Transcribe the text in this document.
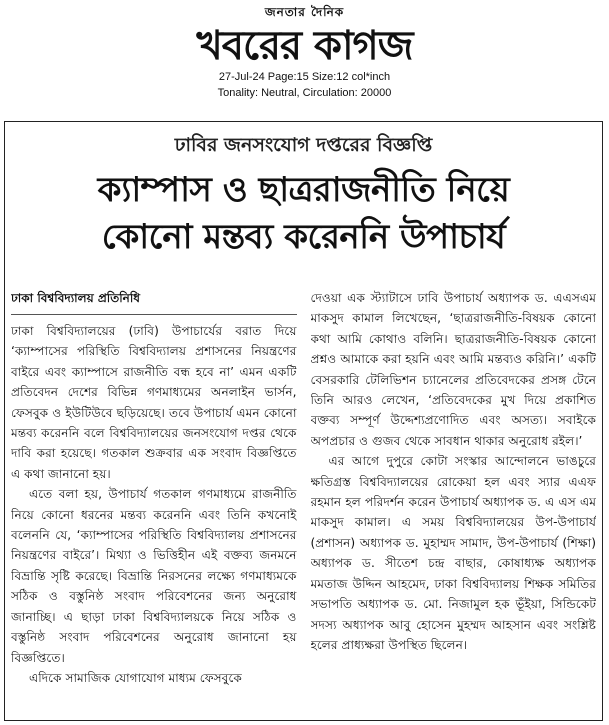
জনতার দৈনিক
খবরের কাগজ
27-Jul-24 Page:15 Size:12 col*inch
Tonality: Neutral, Circulation: 20000
ঢাবির জনসংযোগ দপ্তরের বিজ্ঞপ্তি
ক্যাম্পাস ও ছাত্ররাজনীতি নিয়ে
কোনো মন্তব্য করেননি উপাচার্য
ঢাকা বিশ্ববিদ্যালয় প্রতিনিধি

ঢাকা বিশ্ববিদ্যালয়ের (ঢাবি) উপাচার্যের বরাত দিয়ে ‘ক্যাম্পাসের পরিস্থিতি বিশ্ববিদ্যালয় প্রশাসনের নিয়ন্ত্রণের বাইরে এবং ক্যাম্পাসে রাজনীতি বন্ধ হবে না’ এমন একটি প্রতিবেদন দেশের বিভিন্ন গণমাধ্যমের অনলাইন ভার্সন, ফেসবুক ও ইউটিউবে ছড়িয়েছে। তবে উপাচার্য এমন কোনো মন্তব্য করেননি বলে বিশ্ববিদ্যালয়ের জনসংযোগ দপ্তর থেকে দাবি করা হয়েছে। গতকাল শুক্রবার এক সংবাদ বিজ্ঞপ্তিতে এ কথা জানানো হয়।

এতে বলা হয়, উপাচার্য গতকাল গণমাধ্যমে রাজনীতি নিয়ে কোনো ধরনের মন্তব্য করেননি এবং তিনি কখনোই বলেননি যে, ‘ক্যাম্পাসের পরিস্থিতি বিশ্ববিদ্যালয় প্রশাসনের নিয়ন্ত্রণের বাইরে’। মিথ্যা ও ভিত্তিহীন এই বক্তব্য জনমনে বিভ্রান্তি সৃষ্টি করেছে। বিভ্রান্তি নিরসনের লক্ষ্যে গণমাধ্যমকে সঠিক ও বস্তুনিষ্ঠ সংবাদ পরিবেশনের জন্য অনুরোধ জানাচ্ছি। এ ছাড়া ঢাকা বিশ্ববিদ্যালয়কে নিয়ে সঠিক ও বস্তুনিষ্ঠ সংবাদ পরিবেশনের অনুরোধ জানানো হয় বিজ্ঞপ্তিতে।

এদিকে সামাজিক যোগাযোগ মাধ্যম ফেসবুকে

দেওয়া এক স্ট্যাটাসে ঢাবি উপাচার্য অধ্যাপক ড. এএসএম মাকসুদ কামাল লিখেছেন, ‘ছাত্ররাজনীতি-বিষয়ক কোনো কথা আমি কোথাও বলিনি। ছাত্ররাজনীতি-বিষয়ক কোনো প্রশ্নও আমাকে করা হয়নি এবং আমি মন্তব্যও করিনি।’ একটি বেসরকারি টেলিভিশন চ্যানেলের প্রতিবেদকের প্রসঙ্গ টেনে তিনি আরও লেখেন, ‘প্রতিবেদকের মুখ দিয়ে প্রকাশিত বক্তব্য সম্পূর্ণ উদ্দেশ্যপ্রণোদিত এবং অসত্য। সবাইকে অপপ্রচার ও গুজব থেকে সাবধান থাকার অনুরোধ রইল।’

এর আগে দুপুরে কোটা সংস্কার আন্দোলনে ভাঙচুরে ক্ষতিগ্রস্ত বিশ্ববিদ্যালয়ের রোকেয়া হল এবং স্যার এএফ রহমান হল পরিদর্শন করেন উপাচার্য অধ্যাপক ড. এ এস এম মাকসুদ কামাল। এ সময় বিশ্ববিদ্যালয়ের উপ-উপাচার্য (প্রশাসন) অধ্যাপক ড. মুহাম্মদ সামাদ, উপ-উপাচার্য (শিক্ষা) অধ্যাপক ড. সীতেশ চন্দ্র বাছার, কোষাধ্যক্ষ অধ্যাপক মমতাজ উদ্দিন আহমেদ, ঢাকা বিশ্ববিদ্যালয় শিক্ষক সমিতির সভাপতি অধ্যাপক ড. মো. নিজামুল হক ভূঁইয়া, সিন্ডিকেট সদস্য অধ্যাপক আবু হোসেন মুহম্মদ আহসান এবং সংশ্লিষ্ট হলের প্রাধ্যক্ষরা উপস্থিত ছিলেন।
